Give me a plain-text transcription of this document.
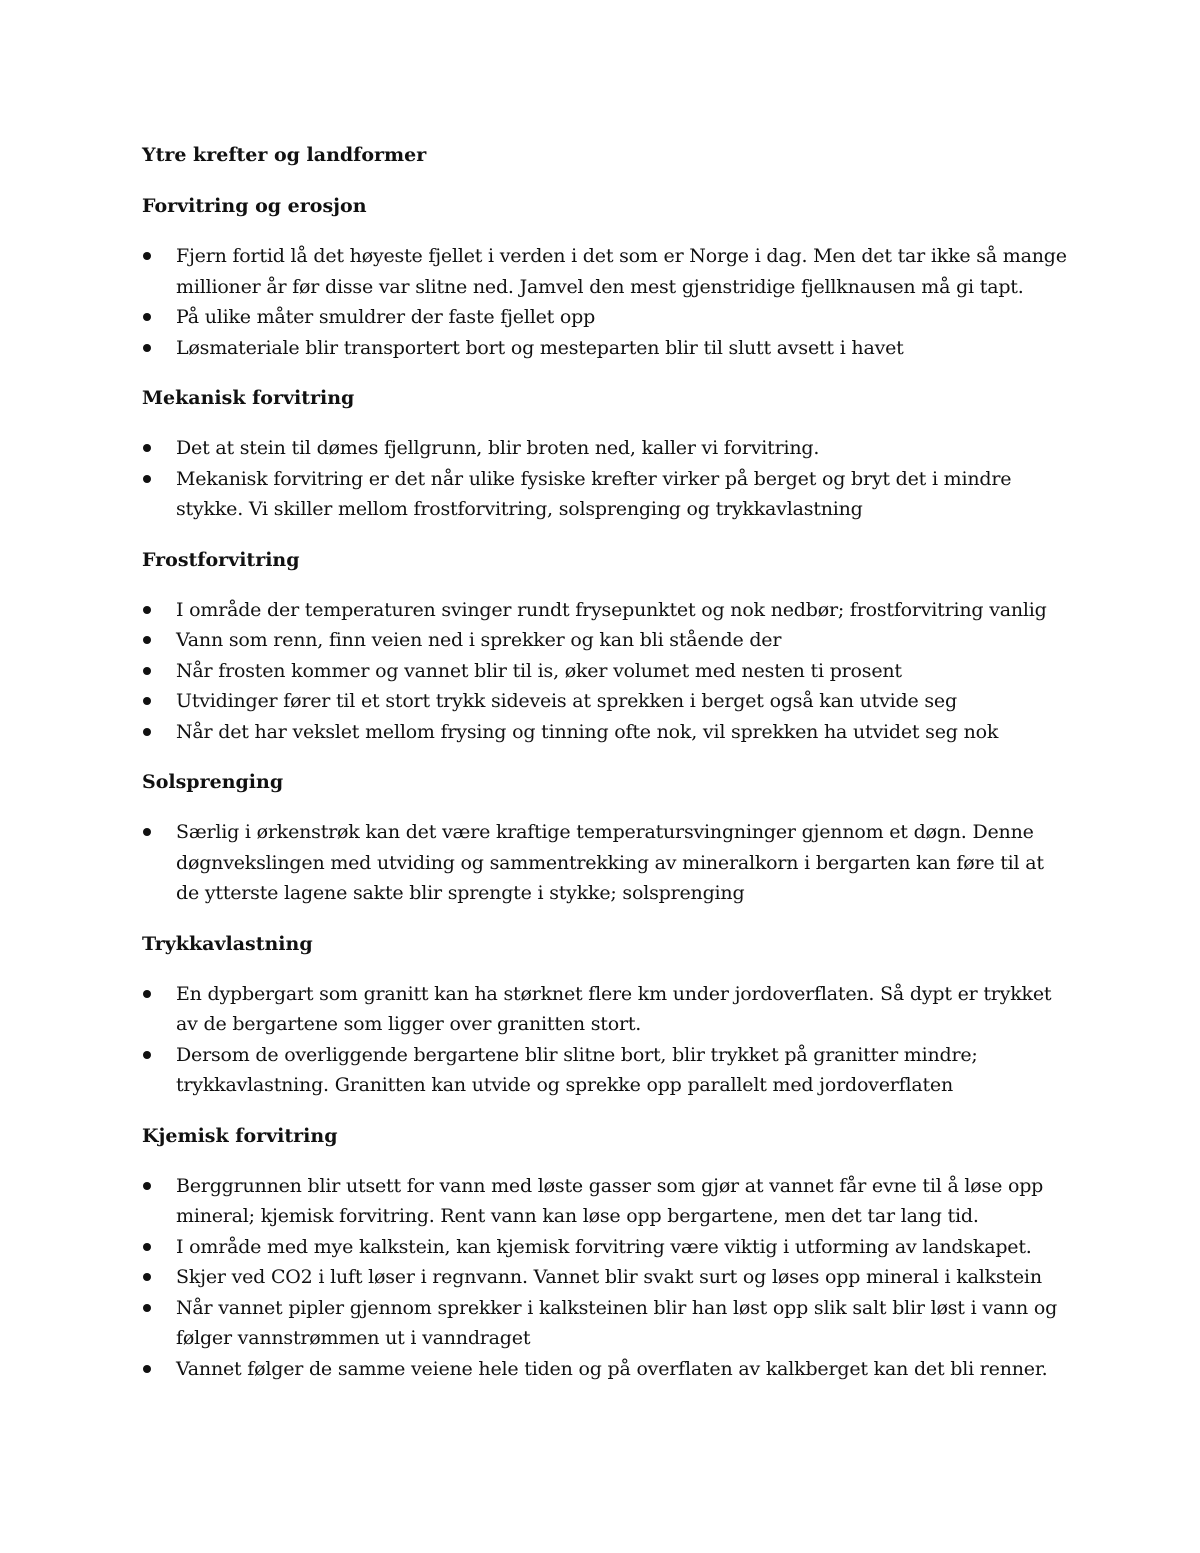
Ytre krefter og landformer
Forvitring og erosjon
Fjern fortid lå det høyeste fjellet i verden i det som er Norge i dag. Men det tar ikke så mange millioner år før disse var slitne ned. Jamvel den mest gjenstridige fjellknausen må gi tapt.
På ulike måter smuldrer der faste fjellet opp
Løsmateriale blir transportert bort og mesteparten blir til slutt avsett i havet
Mekanisk forvitring
Det at stein til dømes fjellgrunn, blir broten ned, kaller vi forvitring.
Mekanisk forvitring er det når ulike fysiske krefter virker på berget og bryt det i mindre stykke. Vi skiller mellom frostforvitring, solsprenging og trykkavlastning
Frostforvitring
I område der temperaturen svinger rundt frysepunktet og nok nedbør; frostforvitring vanlig
Vann som renn, finn veien ned i sprekker og kan bli stående der
Når frosten kommer og vannet blir til is, øker volumet med nesten ti prosent
Utvidinger fører til et stort trykk sideveis at sprekken i berget også kan utvide seg
Når det har vekslet mellom frysing og tinning ofte nok, vil sprekken ha utvidet seg nok
Solsprenging
Særlig i ørkenstrøk kan det være kraftige temperatursvingninger gjennom et døgn. Denne døgnvekslingen med utviding og sammentrekking av mineralkorn i bergarten kan føre til at de ytterste lagene sakte blir sprengte i stykke; solsprenging
Trykkavlastning
En dypbergart som granitt kan ha størknet flere km under jordoverflaten. Så dypt er trykket av de bergartene som ligger over granitten stort.
Dersom de overliggende bergartene blir slitne bort, blir trykket på granitter mindre; trykkavlastning. Granitten kan utvide og sprekke opp parallelt med jordoverflaten
Kjemisk forvitring
Berggrunnen blir utsett for vann med løste gasser som gjør at vannet får evne til å løse opp mineral; kjemisk forvitring. Rent vann kan løse opp bergartene, men det tar lang tid.
I område med mye kalkstein, kan kjemisk forvitring være viktig i utforming av landskapet.
Skjer ved CO2 i luft løser i regnvann. Vannet blir svakt surt og løses opp mineral i kalkstein
Når vannet pipler gjennom sprekker i kalksteinen blir han løst opp slik salt blir løst i vann og følger vannstrømmen ut i vanndraget
Vannet følger de samme veiene hele tiden og på overflaten av kalkberget kan det bli renner.
